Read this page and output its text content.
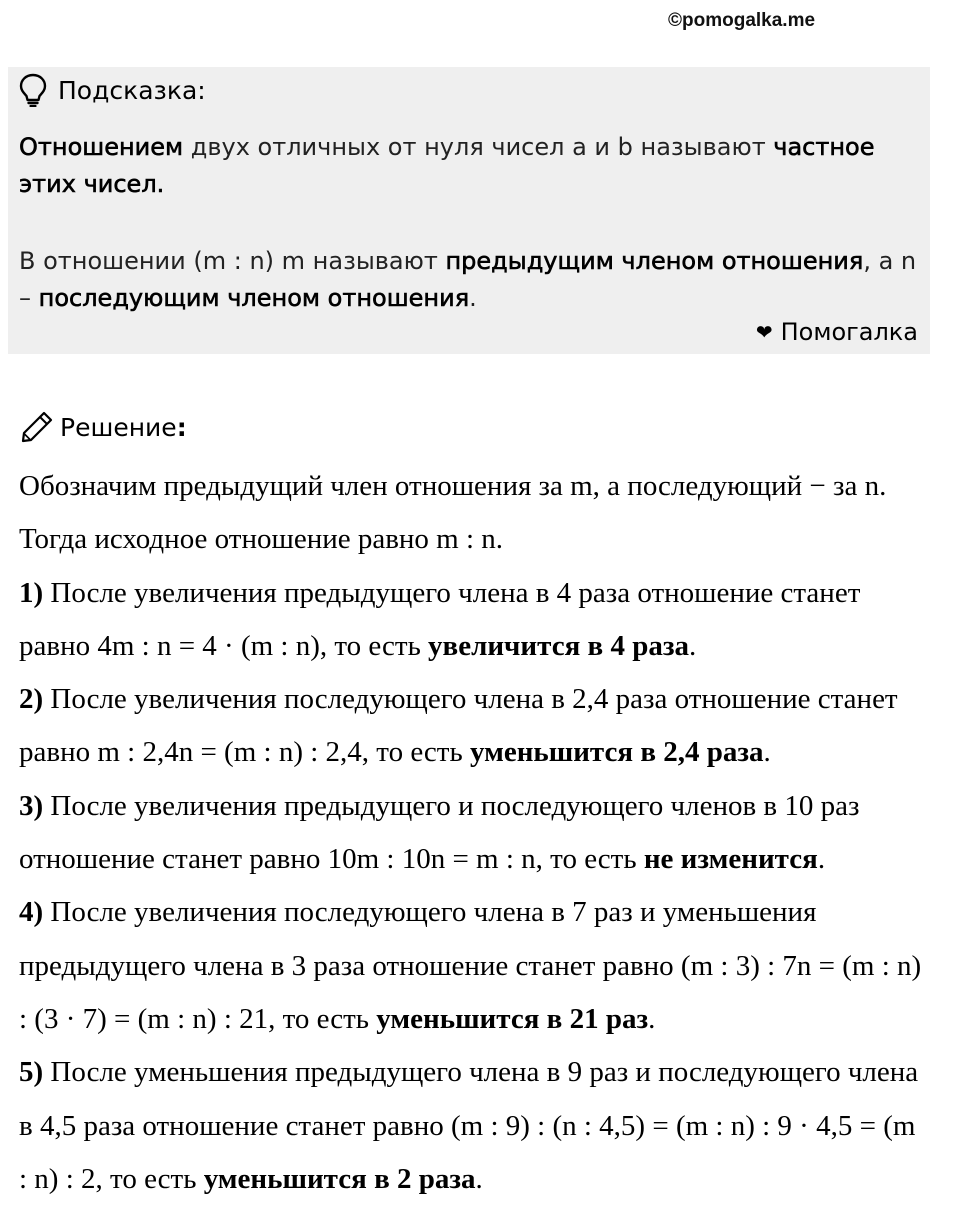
©pomogalka.me
Подсказка:
Отношением двух отличных от нуля чисел a и b называют частное этих чисел.
В отношении (m : n) m называют предыдущим членом отношения, а n – последующим членом отношения.
❤ Помогалка
Решение :

Обозначим предыдущий член отношения за m, а последующий − за n. Тогда исходное отношение равно m : n.

1) После увеличения предыдущего члена в 4 раза отношение станет равно 4m : n = 4 · (m : n), то есть увеличится в 4 раза.

2) После увеличения последующего члена в 2,4 раза отношение станет равно m : 2,4n = (m : n) : 2,4, то есть уменьшится в 2,4 раза.

3) После увеличения предыдущего и последующего членов в 10 раз отношение станет равно 10m : 10n = m : n, то есть не изменится.

4) После увеличения последующего члена в 7 раз и уменьшения предыдущего члена в 3 раза отношение станет равно (m : 3) : 7n = (m : n) : (3 · 7) = (m : n) : 21, то есть уменьшится в 21 раз.

5) После уменьшения предыдущего члена в 9 раз и последующего члена в 4,5 раза отношение станет равно (m : 9) : (n : 4,5) = (m : n) : 9 · 4,5 = (m : n) : 2, то есть уменьшится в 2 раза.
